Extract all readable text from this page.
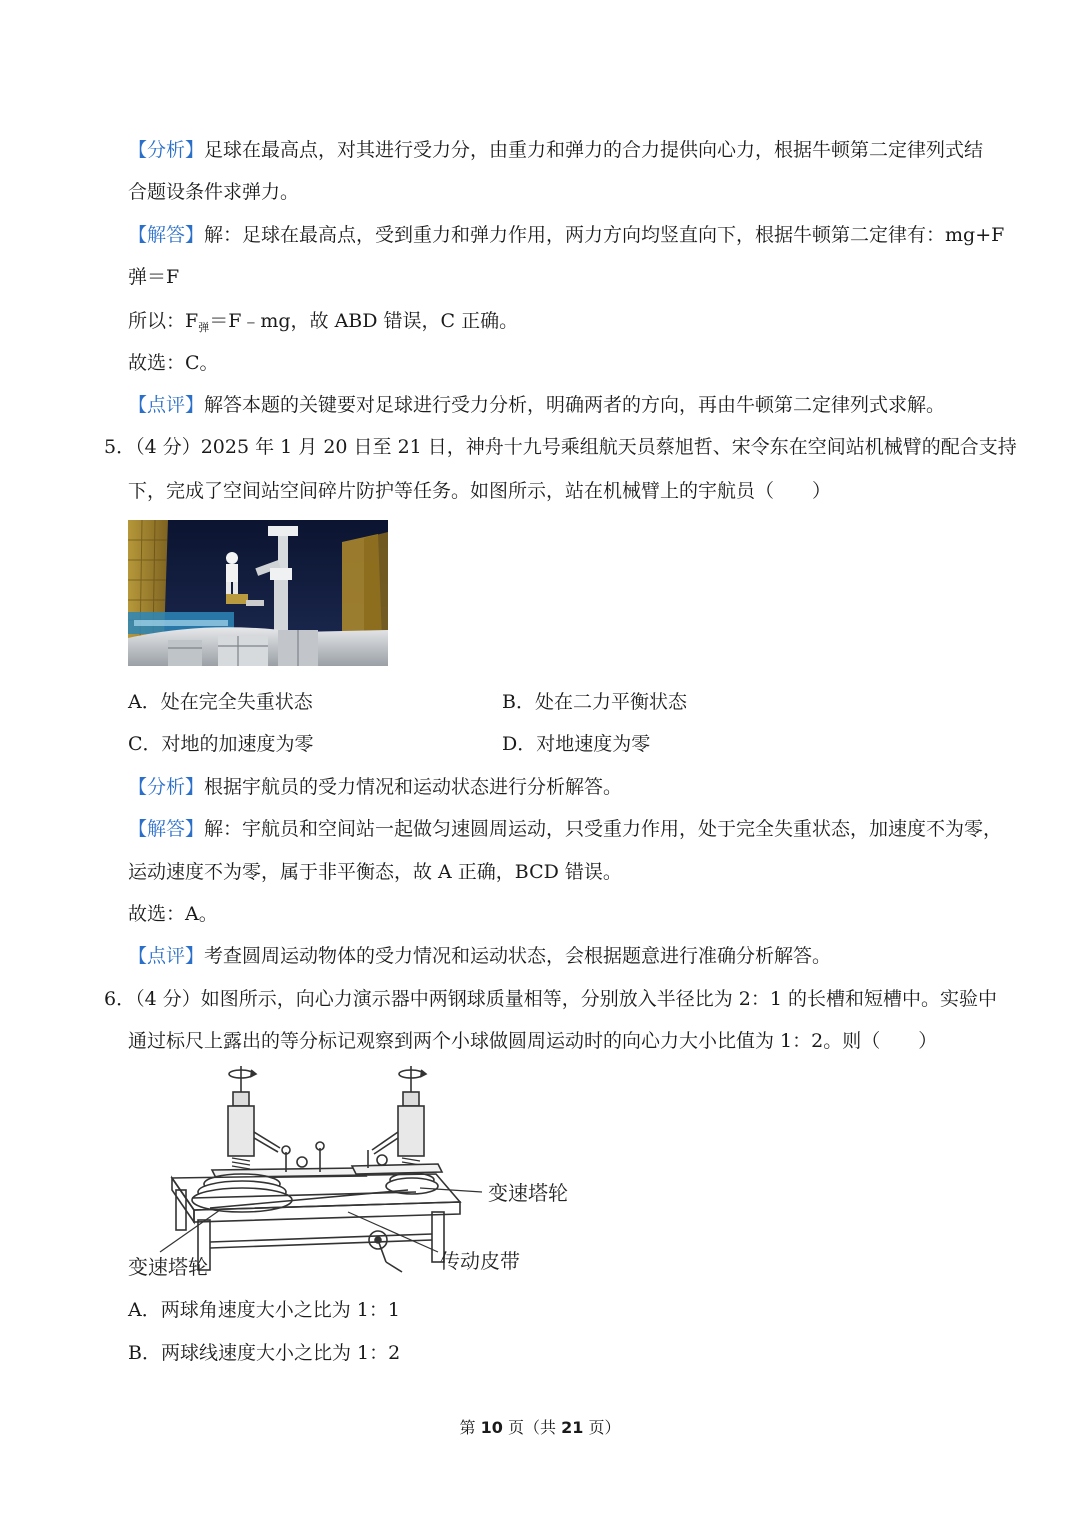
【分析】足球在最高点，对其进行受力分，由重力和弹力的合力提供向心力，根据牛顿第二定律列式结
合题设条件求弹力。
【解答】解：足球在最高点，受到重力和弹力作用，两力方向均竖直向下，根据牛顿第二定律有：mg+F
弹＝F
所以：$F_弹=F﹣mg$，故 ABD 错误，C 正确。
故选：C。
【点评】解答本题的关键要对足球进行受力分析，明确两者的方向，再由牛顿第二定律列式求解。
5．（4 分）2025 年 1 月 20 日至 21 日，神舟十九号乘组航天员蔡旭哲、宋令东在空间站机械臂的配合支持
下，完成了空间站空间碎片防护等任务。如图所示，站在机械臂上的宇航员（　　）
A．处在完全失重状态	B．处在二力平衡状态
C．对地的加速度为零	D．对地速度为零
【分析】根据宇航员的受力情况和运动状态进行分析解答。
【解答】解：宇航员和空间站一起做匀速圆周运动，只受重力作用，处于完全失重状态，加速度不为零，
运动速度不为零，属于非平衡态，故 A 正确，BCD 错误。
故选：A。
【点评】考查圆周运动物体的受力情况和运动状态，会根据题意进行准确分析解答。
6．（4 分）如图所示，向心力演示器中两钢球质量相等，分别放入半径比为 2：1 的长槽和短槽中。实验中
通过标尺上露出的等分标记观察到两个小球做圆周运动时的向心力大小比值为 1：2。则（　　）
变速塔轮
变速塔轮	传动皮带
A．两球角速度大小之比为 1：1
B．两球线速度大小之比为 1：2
第 10 页（共 21 页）
